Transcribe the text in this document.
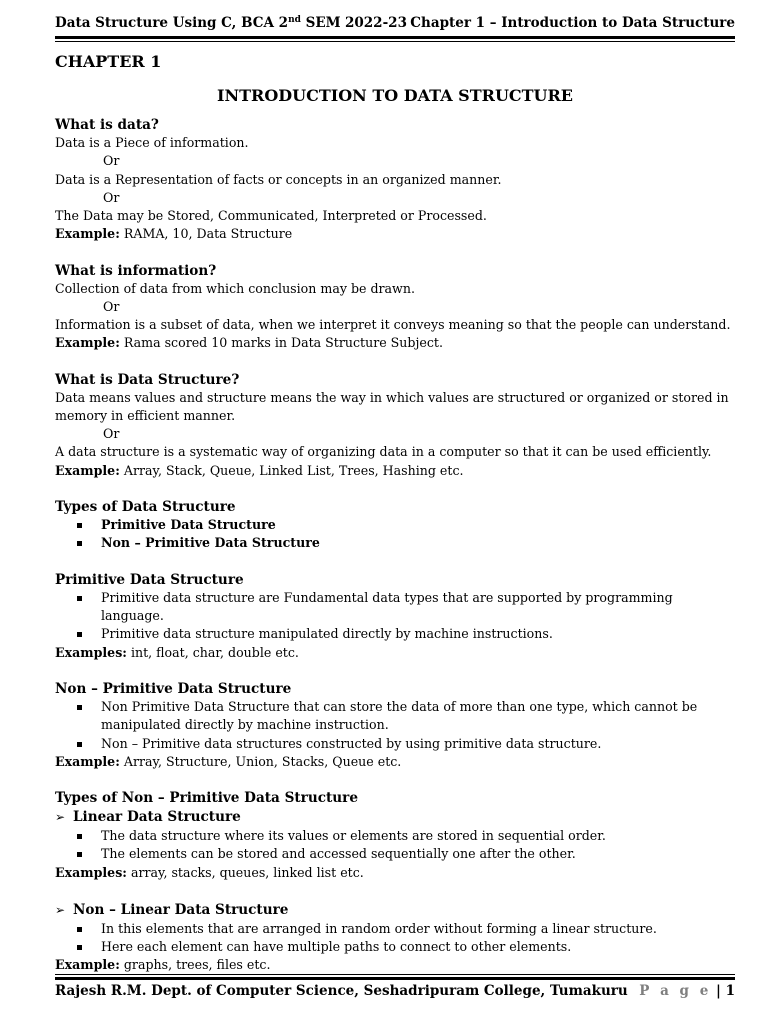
Data Structure Using C, BCA 2nd SEM 2022-23 Chapter 1 – Introduction to Data Structure
CHAPTER 1
INTRODUCTION TO DATA STRUCTURE
What is data?
Data is a Piece of information.
Or
Data is a Representation of facts or concepts in an organized manner.
Or
The Data may be Stored, Communicated, Interpreted or Processed.
Example: RAMA, 10, Data Structure
What is information?
Collection of data from which conclusion may be drawn.
Or
Information is a subset of data, when we interpret it conveys meaning so that the people can understand.
Example: Rama scored 10 marks in Data Structure Subject.
What is Data Structure?
Data means values and structure means the way in which values are structured or organized or stored in memory in efficient manner.
Or
A data structure is a systematic way of organizing data in a computer so that it can be used efficiently.
Example: Array, Stack, Queue, Linked List, Trees, Hashing etc.
Types of Data Structure
Primitive Data Structure
Non – Primitive Data Structure
Primitive Data Structure
Primitive data structure are Fundamental data types that are supported by programming language.
Primitive data structure manipulated directly by machine instructions.
Examples: int, float, char, double etc.
Non – Primitive Data Structure
Non Primitive Data Structure that can store the data of more than one type, which cannot be manipulated directly by machine instruction.
Non – Primitive data structures constructed by using primitive data structure.
Example: Array, Structure, Union, Stacks, Queue etc.
Types of Non – Primitive Data Structure
➢ Linear Data Structure
The data structure where its values or elements are stored in sequential order.
The elements can be stored and accessed sequentially one after the other.
Examples: array, stacks, queues, linked list etc.
➢ Non – Linear Data Structure
In this elements that are arranged in random order without forming a linear structure.
Here each element can have multiple paths to connect to other elements.
Example: graphs, trees, files etc.
Rajesh R.M. Dept. of Computer Science, Seshadripuram College, Tumakuru P a g e | 1
